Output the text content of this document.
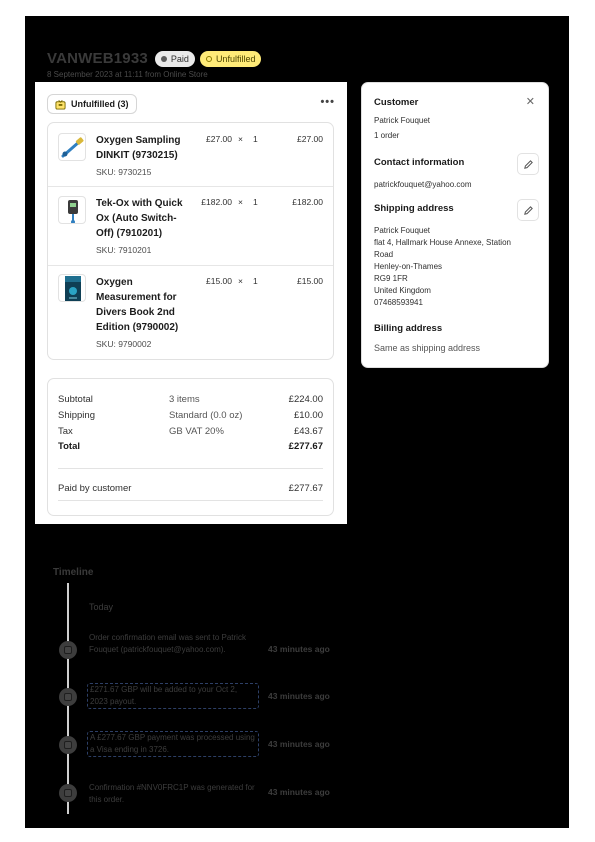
VANWEB1933	Paid	Unfulfilled
8 September 2023 at 11:11 from Online Store
Unfulfilled (3)	•••
Oxygen Sampling DINKIT (9730215)
SKU: 9730215
£27.00 × 1	£27.00
Tek-Ox with Quick Ox (Auto Switch-Off) (7910201)
SKU: 7910201
£182.00 × 1	£182.00
Oxygen Measurement for Divers Book 2nd Edition (9790002)
SKU: 9790002
£15.00 × 1	£15.00
Subtotal	3 items	£224.00
Shipping	Standard (0.0 oz)	£10.00
Tax	GB VAT 20%	£43.67
Total	£277.67
Paid by customer	£277.67
Customer	✕
Patrick Fouquet
1 order
Contact information
patrickfouquet@yahoo.com
Shipping address
Patrick Fouquet
flat 4, Hallmark House Annexe, Station
Road
Henley-on-Thames
RG9 1FR
United Kingdom
07468593941
Billing address
Same as shipping address
Timeline
Today
Order confirmation email was sent to Patrick Fouquet (patrickfouquet@yahoo.com).	43 minutes ago
£271.67 GBP will be added to your Oct 2, 2023 payout.
43 minutes ago
A £277.67 GBP payment was processed using a Visa ending in 3726.
43 minutes ago
Confirmation #NNV0FRC1P was generated for this order.
43 minutes ago
